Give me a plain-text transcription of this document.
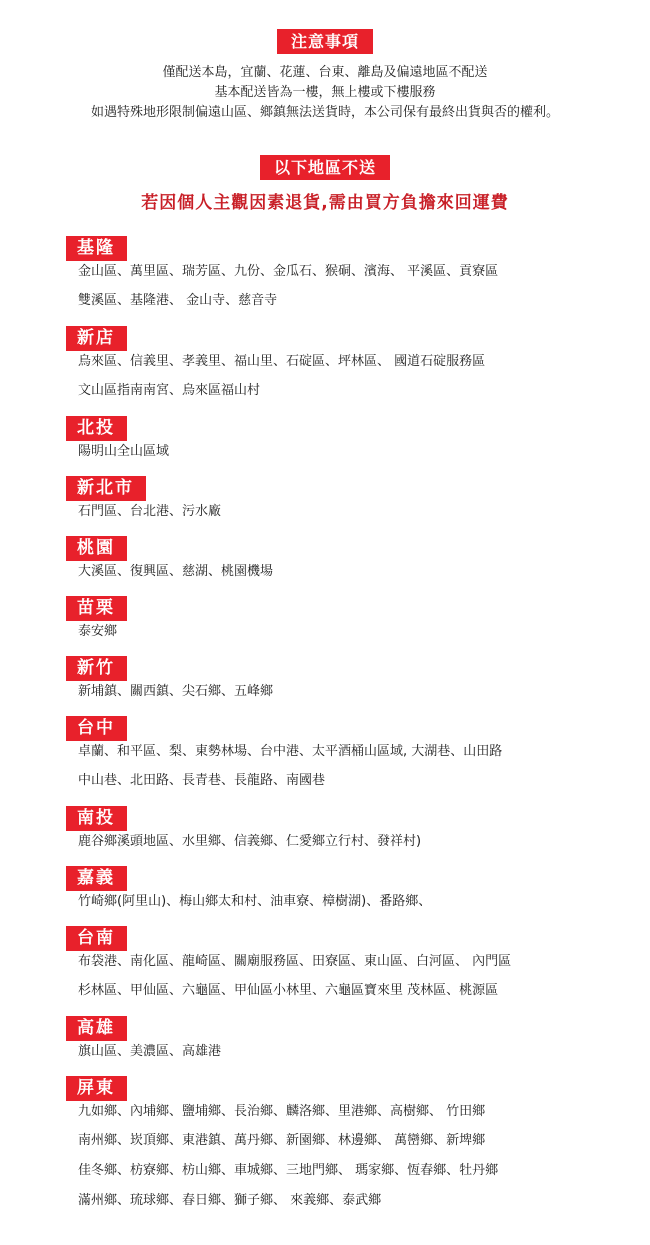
注意事項
僅配送本島，宜蘭、花蓮、台東、離島及偏遠地區不配送
基本配送皆為一樓，無上樓或下樓服務
如遇特殊地形限制偏遠山區、鄉鎮無法送貨時，本公司保有最終出貨與否的權利。
以下地區不送
若因個人主觀因素退貨,需由買方負擔來回運費
基隆
金山區、萬里區、瑞芳區、九份、金瓜石、猴硐、濱海、 平溪區、貢寮區
雙溪區、基隆港、 金山寺、慈音寺
新店
烏來區、信義里、孝義里、福山里、石碇區、坪林區、 國道石碇服務區
文山區指南南宮、烏來區福山村
北投
陽明山全山區域
新北市
石門區、台北港、污水廠
桃園
大溪區、復興區、慈湖、桃園機場
苗栗
泰安鄉
新竹
新埔鎮、關西鎮、尖石鄉、五峰鄉
台中
卓蘭、和平區、梨、東勢林場、台中港、太平酒桶山區域, 大湖巷、山田路
中山巷、北田路、長青巷、長龍路、南國巷
南投
鹿谷鄉溪頭地區、水里鄉、信義鄉、仁愛鄉立行村、發祥村)
嘉義
竹崎鄉(阿里山)、梅山鄉太和村、油車寮、樟樹湖)、番路鄉、
台南
布袋港、南化區、龍崎區、關廟服務區、田寮區、東山區、白河區、 內門區
杉林區、甲仙區、六龜區、甲仙區小林里、六龜區寶來里 茂林區、桃源區
高雄
旗山區、美濃區、高雄港
屏東
九如鄉、內埔鄉、鹽埔鄉、長治鄉、麟洛鄉、里港鄉、高樹鄉、 竹田鄉
南州鄉、崁頂鄉、東港鎮、萬丹鄉、新園鄉、林邊鄉、 萬巒鄉、新埤鄉
佳冬鄉、枋寮鄉、枋山鄉、車城鄉、三地門鄉、 瑪家鄉、恆春鄉、牡丹鄉
滿州鄉、琉球鄉、春日鄉、獅子鄉、 來義鄉、泰武鄉
